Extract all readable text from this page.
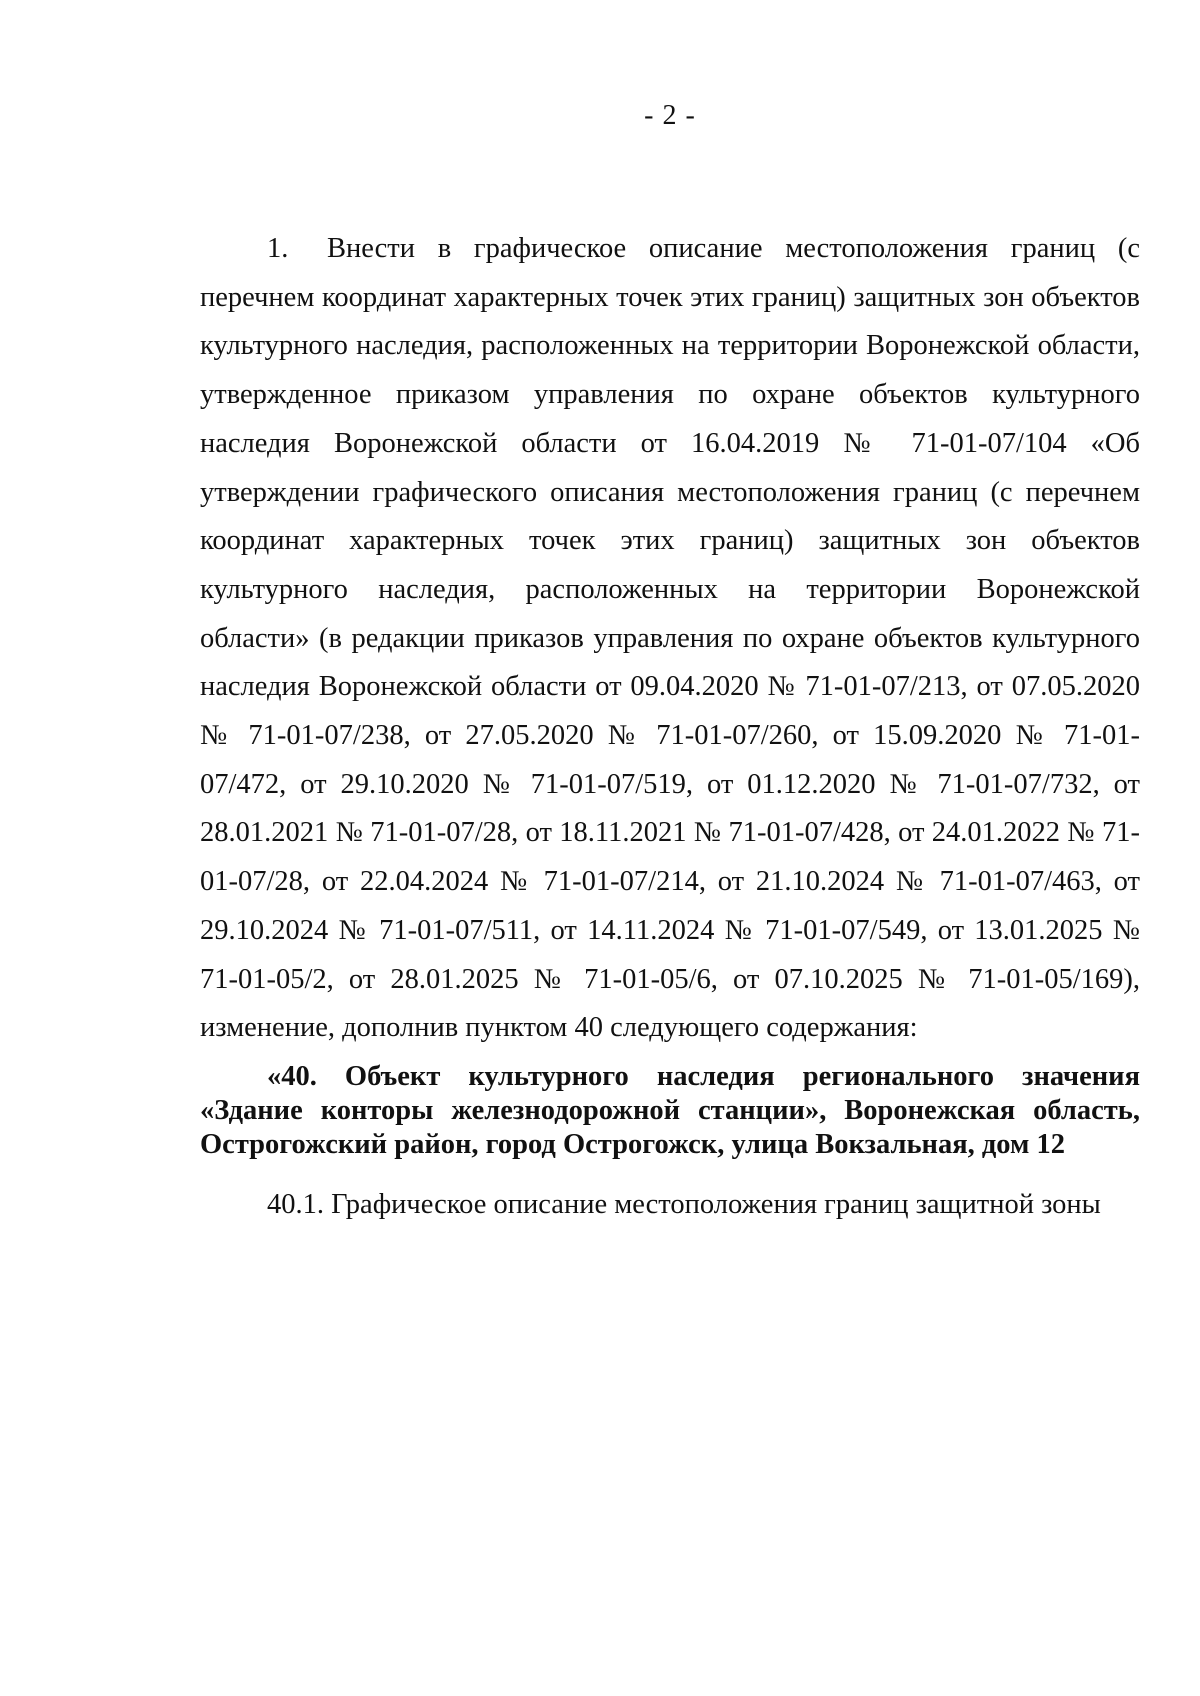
- 2 -

1. Внести в графическое описание местоположения границ (с перечнем координат характерных точек этих границ) защитных зон объектов культурного наследия, расположенных на территории Воронежской области, утвержденное приказом управления по охране объектов культурного наследия Воронежской области от 16.04.2019 № 71-01-07/104 «Об утверждении графического описания местоположения границ (с перечнем координат характерных точек этих границ) защитных зон объектов культурного наследия, расположенных на территории Воронежской области» (в редакции приказов управления по охране объектов культурного наследия Воронежской области от 09.04.2020 № 71-01-07/213, от 07.05.2020 № 71-01-07/238, от 27.05.2020 № 71-01-07/260, от 15.09.2020 № 71-01-07/472, от 29.10.2020 № 71-01-07/519, от 01.12.2020 № 71-01-07/732, от 28.01.2021 № 71-01-07/28, от 18.11.2021 № 71-01-07/428, от 24.01.2022 № 71-01-07/28, от 22.04.2024 № 71-01-07/214, от 21.10.2024 № 71-01-07/463, от 29.10.2024 № 71-01-07/511, от 14.11.2024 № 71-01-07/549, от 13.01.2025 № 71-01-05/2, от 28.01.2025 № 71-01-05/6, от 07.10.2025 № 71-01-05/169), изменение, дополнив пунктом 40 следующего содержания:

«40. Объект культурного наследия регионального значения «Здание конторы железнодорожной станции», Воронежская область, Острогожский район, город Острогожск, улица Вокзальная, дом 12

40.1. Графическое описание местоположения границ защитной зоны
